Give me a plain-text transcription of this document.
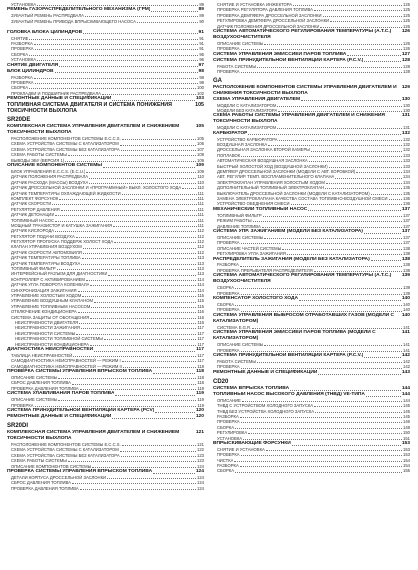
УСТАНОВКА	89
РЕМЕНЬ ГАЗОРАСПРЕДЕЛИТЕЛЬНОГО МЕХАНИЗМА (ГРМ)	89
ЗУБЧАТЫЙ РЕМЕНЬ РАСПРЕДВАЛА	89
ЗУБЧАТЫЙ РЕМЕНЬ ПРИВОДА ВПРЫСКИВАЮЩЕГО НАСОСА	90
ГОЛОВКА БЛОКА ЦИЛИНДРОВ	91
СНЯТИЕ	91
РАЗБОРКА	91
ПРОВЕРКА	91
СБОРКА	95
УСТАНОВКА	96
СНЯТИЕ ДВИГАТЕЛЯ	97
БЛОК ЦИЛИНДРОВ	98
РАЗБОРКА	98
ПРОВЕРКА	98
СБОРКА	100
ПРОКЛАДКИ И ПОДШИПНИК РАСПРЕДВАЛА	102
РЕМОНТНЫЕ ДАННЫЕ И СПЕЦИФИКАЦИИ	103
105
ТОПЛИВНАЯ СИСТЕМА ДВИГАТЕЛЯ И СИСТЕМА ПОНИЖЕНИЯ ТОКСИЧНОСТИ ВЫХЛОПА
SR20DE
105
КОМПЛЕКСНАЯ СИСТЕМА УПРАВЛЕНИЯ ДВИГАТЕЛЕМ И СНИЖЕНИЕМ ТОКСИЧНОСТИ ВЫХЛОПА
РАСПОЛОЖЕНИЕ КОМПОНЕНТОВ СИСТЕМЫ E.C.C.S.	105
СХЕМА УСТРОЙСТВА СИСТЕМЫ С КАТАЛИЗАТОРОМ	106
СХЕМА УСТРОЙСТВА СИСТЕМЫ БЕЗ КАТАЛИЗАТОРА	107
СХЕМА РАБОТЫ СИСТЕМЫ	108
ВЫВОДЫ ЭБУ (ВЕРСИЯ 1)	109
ОПИСАНИЕ КОМПОНЕНТОВ СИСТЕМЫ	109
БЛОК УПРАВЛЕНИЯ E.C.C.S. (E.C.U.)	109
ДАТЧИК ПОЛОЖЕНИЯ РАСПРЕДВАЛА	110
ДАТЧИК РАСХОДА (МАССЫ) ВОЗДУХА	110
ДАТЧИК ДРОССЕЛЬНОЙ ЗАСЛОНКИ И «ПРОГРАММНЫЙ» ВЫКЛ. ХОЛОСТОГО ХОДА	110
ДАТЧИК ТЕМПЕРАТУРЫ ОХЛАЖДАЮЩЕЙ ЖИДКОСТИ	111
КОМПЛЕКТ ФОРСУНОК	111
ДАТЧИК СКОРОСТИ	111
РЕГУЛЯТОР ДАВЛЕНИЯ	111
ДАТЧИК ДЕТОНАЦИИ	111
ТОПЛИВНЫЙ НАСОС	111
МОЩНЫЙ ТРАНЗИСТОР И КАТУШКА ЗАЖИГАНИЯ	111
ДАТЧИК КИСЛОРОДА	112
РЕГУЛЯТОР ПОДАЧИ ВОЗДУХА	112
РЕГУЛЯТОР ПРОПУСКА ПОДДЕРЖ ХОЛОСТ ХОДА	112
КЛАПАН УПРАВЛЕНИЯ ВОЗДУХОМ	112
ДАТЧИК СКОРОСТИ АВТОМОБИЛЯ	112
ДАТЧИК ТЕМПЕРАТУРЫ ТОПЛИВА	113
ДАТЧИК ТЕМПЕРАТУРЫ ВОЗДУХА	113
ТОПЛИВНЫЙ ФИЛЬТР	113
ИНТЕРФЕЙСНЫЙ РАЗЪЕМ ДЛЯ ДИАГНОСТИКИ	113
КОНТРОЛЛЕР С АКТИВИРОВАНИЕМ	114
ДАТЧИК УГЛА ПОВОРОТА КОЛЕНВАЛА	114
СИНХРОНИЗАЦИЯ ЗАЖИГАНИЯ	114
УПРАВЛЕНИЕ ХОЛОСТЫМ ХОДОМ	115
УПРАВЛЕНИЕ ВОЗДУШНЫМ КЛАПАНОМ	115
УПРАВЛЕНИЕ ТОПЛИВНЫМ НАСОСОМ	115
ОТКЛЮЧЕНИЕ КОНДИЦИОНЕРА	116
СИСТЕМА ЗАЩИТЫ ОТ ОБОГАЩЕНИЯ	116
НЕИСПРАВНОСТИ ДВИГАТЕЛЯ	116
НЕИСПРАВНОСТИ ЗАЖИГАНИЯ	117
НЕИСПРАВНОСТИ СИСТЕМЫ	117
НЕИСПРАВНОСТИ ТОПЛИВНОЙ СИСТЕМЫ	117
НЕИСПРАВНОСТИ КОНДИЦИОНЕРА	117
ДИАГНОСТИКА НЕИСПРАВНОСТЕЙ	117
ТАБЛИЦА НЕИСПРАВНОСТЕЙ	117
САМОДИАГНОСТИКА НЕИСПРАВНОСТЕЙ — РЕЖИМ I	117
САМОДИАГНОСТИКА НЕИСПРАВНОСТЕЙ — РЕЖИМ II	118
ПРОВЕРКА СИСТЕМЫ УПРАВЛЕНИЯ ВПРЫСКОМ ТОПЛИВА	118
ОПИСАНИЕ СИСТЕМЫ	118
СБРОС ДАВЛЕНИЯ ТОПЛИВА	118
ПРОВЕРКА ДАВЛЕНИЯ ТОПЛИВА	119
СИСТЕМА УЛАВЛИВАНИЯ ПАРОВ ТОПЛИВА	119
ОПИСАНИЕ СИСТЕМЫ	119
ПРОВЕРКА	119
СИСТЕМА ПРИНУДИТЕЛЬНОЙ ВЕНТИЛЯЦИИ КАРТЕРА (PCV)	120
РЕМОНТНЫЕ ДАННЫЕ И СПЕЦИФИКАЦИИ	120
SR20DI
121
КОМПЛЕКСНАЯ СИСТЕМА УПРАВЛЕНИЯ ДВИГАТЕЛЕМ И СНИЖЕНИЕМ ТОКСИЧНОСТИ ВЫХЛОПА
РАСПОЛОЖЕНИЕ КОМПОНЕНТОВ СИСТЕМЫ E.C.C.S.	121
СХЕМА УСТРОЙСТВА СИСТЕМЫ С КАТАЛИЗАТОРОМ	122
СХЕМА УСТРОЙСТВА СИСТЕМЫ БЕЗ КАТАЛИЗАТОРА	123
СХЕМА РАБОТЫ СИСТЕМЫ	123
ОПИСАНИЕ КОМПОНЕНТОВ СИСТЕМЫ	124
ПРОВЕРКА СИСТЕМЫ УПРАВЛЕНИЯ ВПРЫСКОМ ТОПЛИВА	124
ДЕТАЛИ КОРПУСА ДРОССЕЛЬНОЙ ЗАСЛОНКИ	124
СБРОС ДАВЛЕНИЯ ТОПЛИВА	124
ПРОВЕРКА ДАВЛЕНИЯ ТОПЛИВА	124
СНЯТИЕ И УСТАНОВКА ИНЖЕКТОРА	125
ПРОВЕРКА РЕГУЛЯТОРА ДАВЛЕНИЯ ТОПЛИВА	125
ПРОВЕРКА ДЕМПФЕРА ДРОССЕЛЬНОЙ ЗАСЛОНКИ	125
РЕГУЛИРОВКА ДЕМПФЕРА ДРОССЕЛЬНОЙ ЗАСЛОНКИ	125
ДАТЧИК ПОЛОЖЕНИЯ ДРОССЕЛЬНОЙ ЗАСЛОНКИ	126
126
СИСТЕМА АВТОМАТИЧЕСКОГО РЕГУЛИРОВАНИЯ ТЕМПЕРАТУРЫ (A.T.C.) ВОЗДУХООЧИСТИТЕЛЯ
ОПИСАНИЕ СИСТЕМЫ	126
ПРОВЕРКА	126
СИСТЕМА УПРАВЛЕНИЯ ЭМИССИЕЙ ПАРОВ ТОПЛИВА	127
СИСТЕМА ПРИНУДИТЕЛЬНОЙ ВЕНТИЛЯЦИИ КАРТЕРА (P.C.V.)	128
РАБОТА СИСТЕМЫ	128
ПРОВЕРКА	128
GA
129
РАСПОЛОЖЕНИЕ КОМПОНЕНТОВ СИСТЕМЫ УПРАВЛЕНИЯ ДВИГАТЕЛЕМ И СНИЖЕНИЯ ТОКСИЧНОСТИ ВЫХЛОПА
СХЕМА УПРАВЛЕНИЯ ДВИГАТЕЛЕМ	130
МОДЕЛИ С КАТАЛИЗАТОРОМ	130
МОДЕЛИ БЕЗ КАТАЛИЗАТОРА	130
131
СХЕМА РАБОТЫ СИСТЕМЫ УПРАВЛЕНИЯ ДВИГАТЕЛЕМ И СНИЖЕНИЯ ТОКСИЧНОСТИ ВЫХЛОПА
МОДЕЛИ С КАТАЛИЗАТОРОМ	131
КАРБЮРАТОР	132
УСТРОЙСТВО КАРБЮРАТОРА	132
ВОЗДУШНАЯ ЗАСЛОНКА	132
ДРОССЕЛЬНАЯ ЗАСЛОНКА ВТОРОЙ КАМЕРЫ	132
ПОПЛАВОК	133
АВТОМАТИЧЕСКАЯ ВОЗДУШНАЯ ЗАСЛОНКА	133
БЫСТРЫЙ ХОЛОСТОЙ ХОД (ВОЗДУШНОЙ ЗАСЛОНКИ)	133
ДЕМПФЕР ДРОССЕЛЬНОЙ ЗАСЛОНКИ (МОДЕЛИ С АВТ. КОРОБКОЙ)	134
АВТ. РЕГУЛИР. ТЕМП. ВОСПЛАМЕНИТЕЛЬНОГО КЛАПАНА	134
ЭЛЕКТРОКЛАПАН УПРАВЛЕНИЯ ХОЛОСТЫМ ХОДОМ	134
ДОПОЛНИТЕЛЬНЫЙ ТОПЛИВНЫЙ ЭЛЕКТРОКЛАПАН	135
ВЫКЛЮЧАТЕЛЬ ДРОССЕЛЬНОЙ ЗАСЛОНКИ (МОДЕЛИ С КАТАЛИЗАТОРОМ)	135
ЗАМЕНА ЭЛЕКТРОКЛАПАНА КАЧЕСТВА СОСТАВА ТОПЛИВНО-ВОЗДУШНОЙ СМЕСИ	136
УСТРОЙСТВО ОБЕДНЕНИЯ СМЕСИ	136
МЕХАНИЧЕСКИЙ ТОПЛИВНЫЙ НАСОС	137
ТОПЛИВНЫЙ ФИЛЬТР	137
РЕЖИМ РАБОТЫ	137
ДАВЛЕНИЕ ТОПЛИВА	137
СИСТЕМА УПР. ЗАЖИГАНИЕМ (МОДЕЛИ БЕЗ КАТАЛИЗАТОРА)	137
ОПИСАНИЕ СИСТЕМЫ	137
ПРОВЕРКА	137
ОПИСАНИЕ ЧАСТЕЙ СИСТЕМЫ	138
РЕГУЛИРОВКА УГЛА ЗАЖИГАНИЯ	138
РАСПРЕДЕЛИТЕЛЬ ЗАЖИГАНИЯ (МОДЕЛИ БЕЗ КАТАЛИЗАТОРА)	138
РАЗБОРКА	138
ПРОВЕРКА ПРЕРЫВАТЕЛЯ РАСПРЕДЕЛИТЕЛЯ	138
139
СИСТЕМА АВТОМАТИЧЕСКОГО РЕГУЛИРОВАНИЯ ТЕМПЕРАТУРЫ (A.T.C.) ВОЗДУХООЧИСТИТЕЛЯ
СБОРКА	139
ПРОВЕРКА	139
КОМПЕНСАТОР ХОЛОСТОГО ХОДА	140
СБОРКА	140
ПРОВЕРКА	140
140
СИСТЕМА УПРАВЛЕНИЯ ВЫБРОСОМ ОТРАБОТАВШИХ ГАЗОВ (МОДЕЛИ С КАТАЛИЗАТОРОМ)
СИСТЕМА E.G.R.	141
141
СИСТЕМА УПРАВЛЕНИЯ ЭМИССИЕЙ ПАРОВ ТОПЛИВА (МОДЕЛИ С КАТАЛИЗАТОРОМ)
ОПИСАНИЕ СИСТЕМЫ	141
ПРОВЕРКА	141
СИСТЕМА ПРИНУДИТЕЛЬНОЙ ВЕНТИЛЯЦИИ КАРТЕРА (P.C.V.)	142
РАБОТА СИСТЕМЫ	142
ПРОВЕРКА	142
РЕМОНТНЫЕ ДАННЫЕ И СПЕЦИФИКАЦИИ	143
CD20
СИСТЕМА ВПРЫСКА ТОПЛИВА	144
ТОПЛИВНЫЙ НАСОС ВЫСОКОГО ДАВЛЕНИЯ (ТНВД) VE-ТИПА	144
ОПИСАНИЕ	144
ТНВД С УСТРОЙСТВОМ ХОЛОДНОГО ЗАПУСКА	145
ТНВД БЕЗ УСТРОЙСТВА ХОЛОДНОГО ЗАПУСКА	145
РАЗБОРКА	145
ПРОВЕРКА	146
СБОРКА	148
РЕГУЛИРОВКА	150
УСТАНОВКА	151
ВПРЫСКИВАЮЩИЕ ФОРСУНКИ	153
СНЯТИЕ И УСТАНОВКА	153
ПРОВЕРКА	153
ЧИСТКА	154
РАЗБОРКА	154
СБОРКА	155
